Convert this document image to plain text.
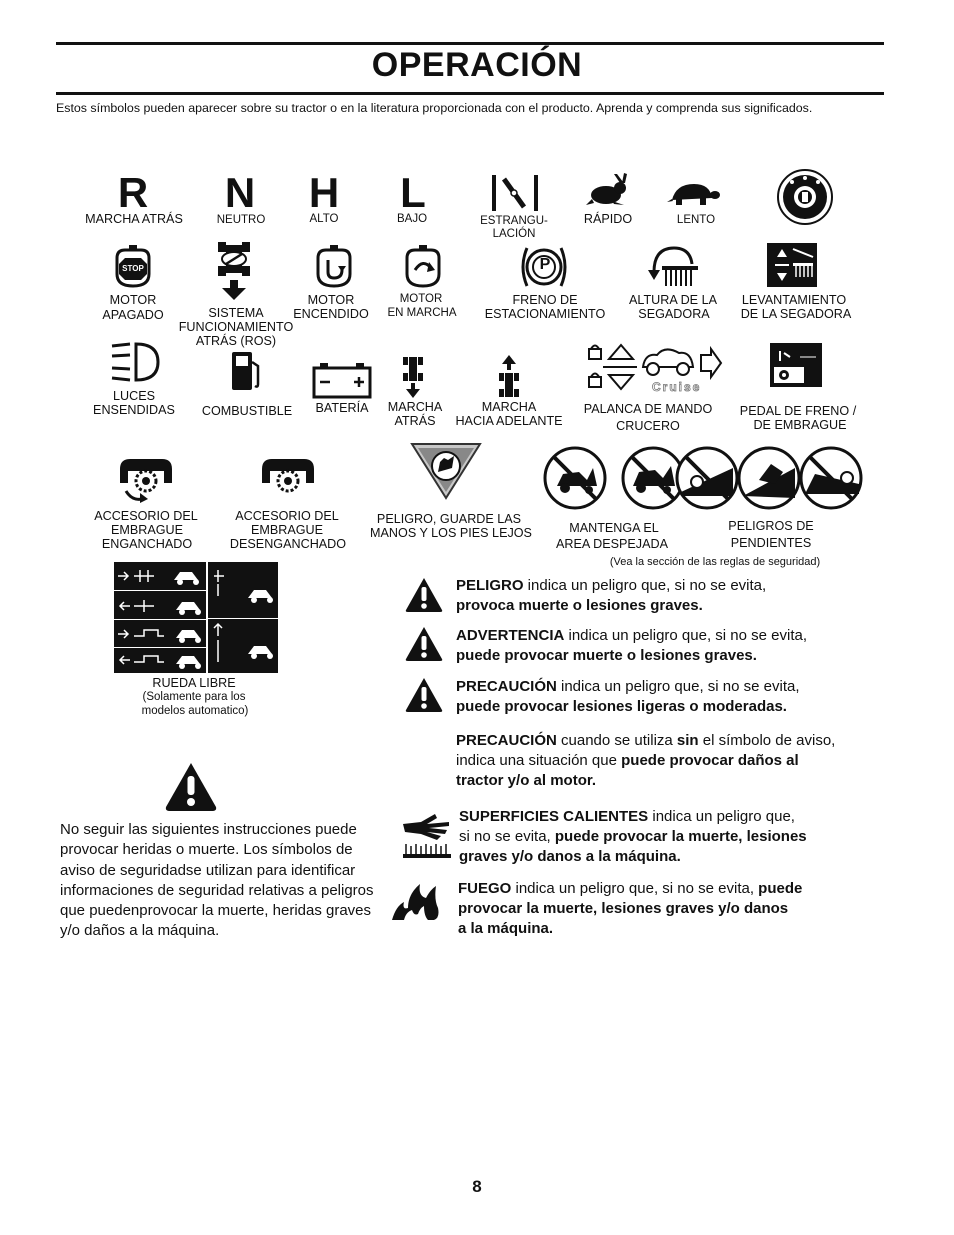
OPERACIÓN
Estos símbolos pueden aparecer sobre su tractor o en la literatura proporcionada con el producto. Aprenda y comprenda sus significados.
R
MARCHA ATRÁS
N
NEUTRO
H
ALTO
L
BAJO	ESTRANGU-
LACIÓN
RÁPIDO	LENTO
STOP
MOTOR
APAGADO	SISTEMA
FUNCIONAMIENTO
ATRÁS (ROS)
MOTOR
ENCENDIDO
MOTOR
EN MARCHA
P
FRENO DE
ESTACIONAMIENTO
ALTURA DE LA
SEGADORA
LEVANTAMIENTO
DE LA SEGADORA
LUCES
ENSENDIDAS COMBUSTIBLE BATERÍA MARCHA
ATRÁS
MARCHA
HACIA ADELANTE
Cruise
PALANCA DE MANDO
CRUCERO
PEDAL DE FRENO /
DE EMBRAGUE
ACCESORIO DEL
EMBRAGUE
ENGANCHADO
ACCESORIO DEL
EMBRAGUE
DESENGANCHADO
PELIGRO, GUARDE LAS
MANOS Y LOS PIES LEJOS	MANTENGA EL
AREA DESPEJADA
PELIGROS DE
PENDIENTES
(Vea la sección de las reglas de seguridad)
RUEDA LIBRE
(Solamente para los
modelos automatico)
PELIGRO indica un peligro que, si no se evita,
provoca muerte o lesiones graves.
ADVERTENCIA indica un peligro que, si no se evita,
puede provocar muerte o lesiones graves.
PRECAUCIÓN indica un peligro que, si no se evita,
puede provocar lesiones ligeras o moderadas.
PRECAUCIÓN cuando se utiliza sin el símbolo de aviso,
indica una situación que puede provocar daños al
tractor y/o al motor.
SUPERFICIES CALIENTES indica un peligro que,
si no se evita, puede provocar la muerte, lesiones
graves y/o danos a la máquina.
FUEGO indica un peligro que, si no se evita, puede
provocar la muerte, lesiones graves y/o danos
a la máquina.
No seguir las siguientes instrucciones puede provocar heridas o muerte. Los símbolos de aviso de seguridadse utilizan para identificar informaciones de seguridad relativas a peligros que puedenprovocar la muerte, heridas graves y/o daños a la máquina.
8
